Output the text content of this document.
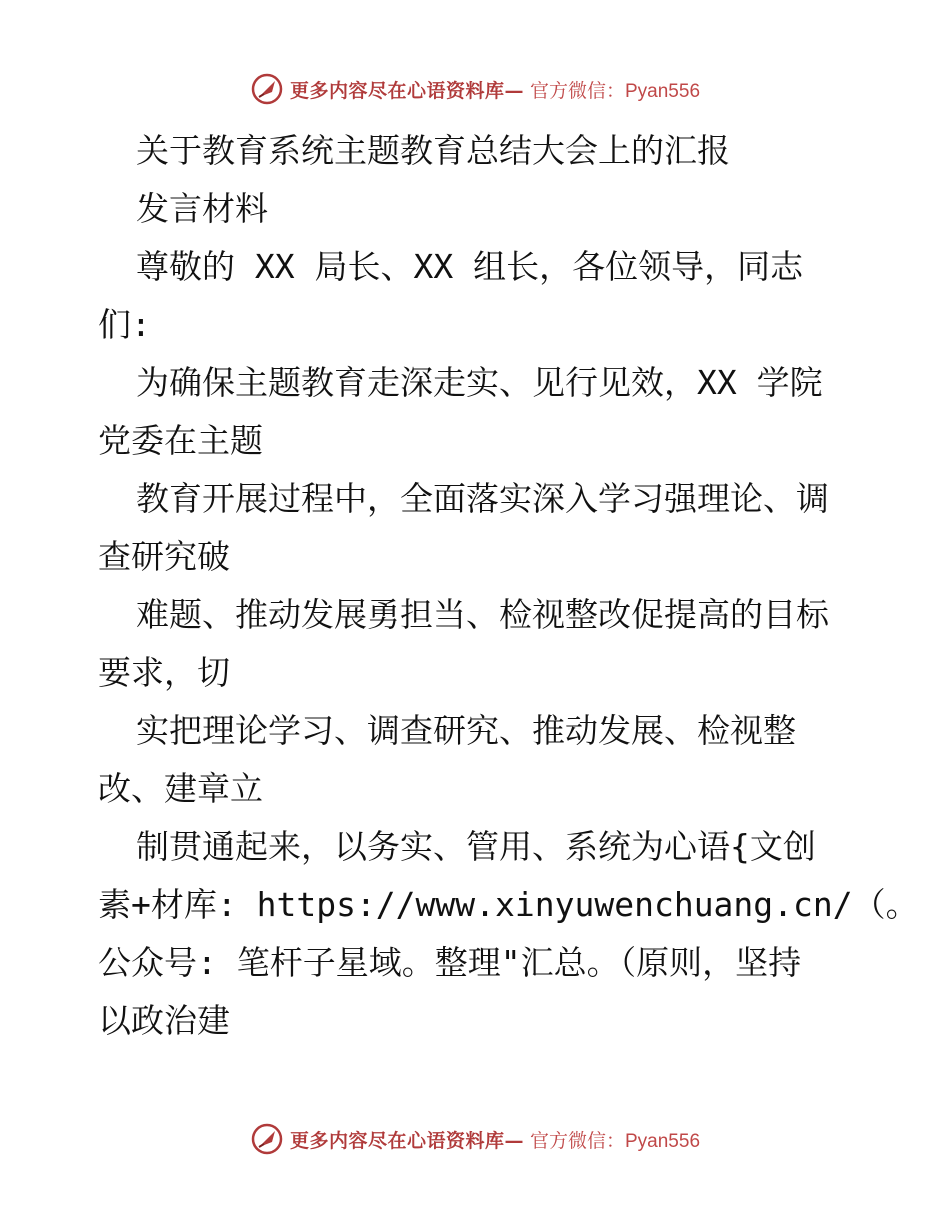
更多内容尽在心语资料库— 官方微信：Pyan556
关于教育系统主题教育总结大会上的汇报
发言材料
尊敬的 XX 局长、XX 组长，各位领导，同志
们:
为确保主题教育走深走实、见行见效，XX 学院
党委在主题
教育开展过程中，全面落实深入学习强理论、调
查研究破
难题、推动发展勇担当、检视整改促提高的目标
要求，切
实把理论学习、调查研究、推动发展、检视整
改、建章立
制贯通起来，以务实、管用、系统为心语{文创
素+材库: https://www.xinyuwenchuang.cn/（。
公众号: 笔杆子星域。整理"汇总。（原则，坚持
以政治建
更多内容尽在心语资料库— 官方微信：Pyan556
